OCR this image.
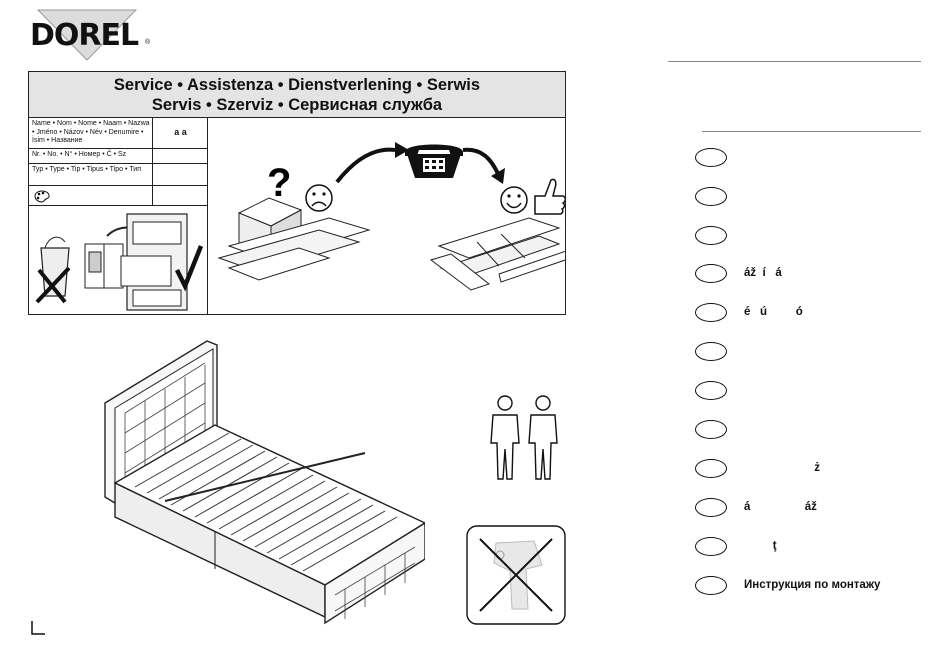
DOREL ®
Service • Assistenza • Dienstverlening • Serwis
Servis • Szerviz • Сервисная служба
Name • Nom • Nome • Naam • Nazwa • Jméno • Názov • Név • Denumire • İsim • Название
a a
Nr. • No. • N° • Номер • Č • Sz
Typ • Type • Tip • Tipus • Tipo • Тип	?
áž  í   á
é   ú         ó
ż
á                 áž
ţ
Инструкция по монтажу
